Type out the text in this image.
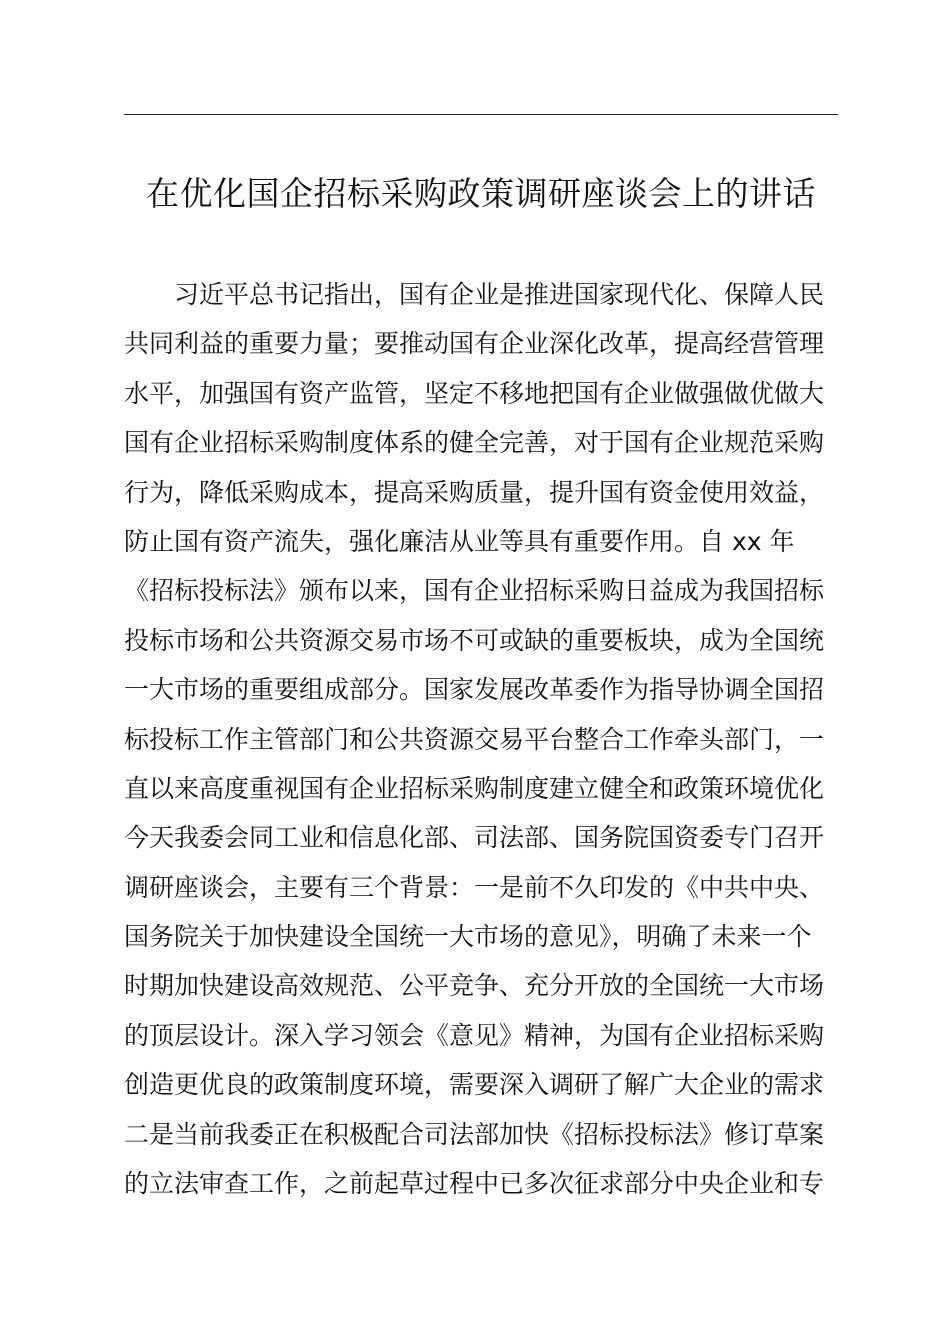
在优化国企招标采购政策调研座谈会上的讲话
习近平总书记指出，国有企业是推进国家现代化、保障人民
共同利益的重要力量；要推动国有企业深化改革，提高经营管理
水平，加强国有资产监管，坚定不移地把国有企业做强做优做大
国有企业招标采购制度体系的健全完善，对于国有企业规范采购
行为，降低采购成本，提高采购质量，提升国有资金使用效益，
防止国有资产流失，强化廉洁从业等具有重要作用。自 xx 年
《招标投标法》颁布以来，国有企业招标采购日益成为我国招标
投标市场和公共资源交易市场不可或缺的重要板块，成为全国统
一大市场的重要组成部分。国家发展改革委作为指导协调全国招
标投标工作主管部门和公共资源交易平台整合工作牵头部门，一
直以来高度重视国有企业招标采购制度建立健全和政策环境优化
今天我委会同工业和信息化部、司法部、国务院国资委专门召开
调研座谈会，主要有三个背景：一是前不久印发的《中共中央、
国务院关于加快建设全国统一大市场的意见》，明确了未来一个
时期加快建设高效规范、公平竞争、充分开放的全国统一大市场
的顶层设计。深入学习领会《意见》精神，为国有企业招标采购
创造更优良的政策制度环境，需要深入调研了解广大企业的需求
二是当前我委正在积极配合司法部加快《招标投标法》修订草案
的立法审查工作，之前起草过程中已多次征求部分中央企业和专
